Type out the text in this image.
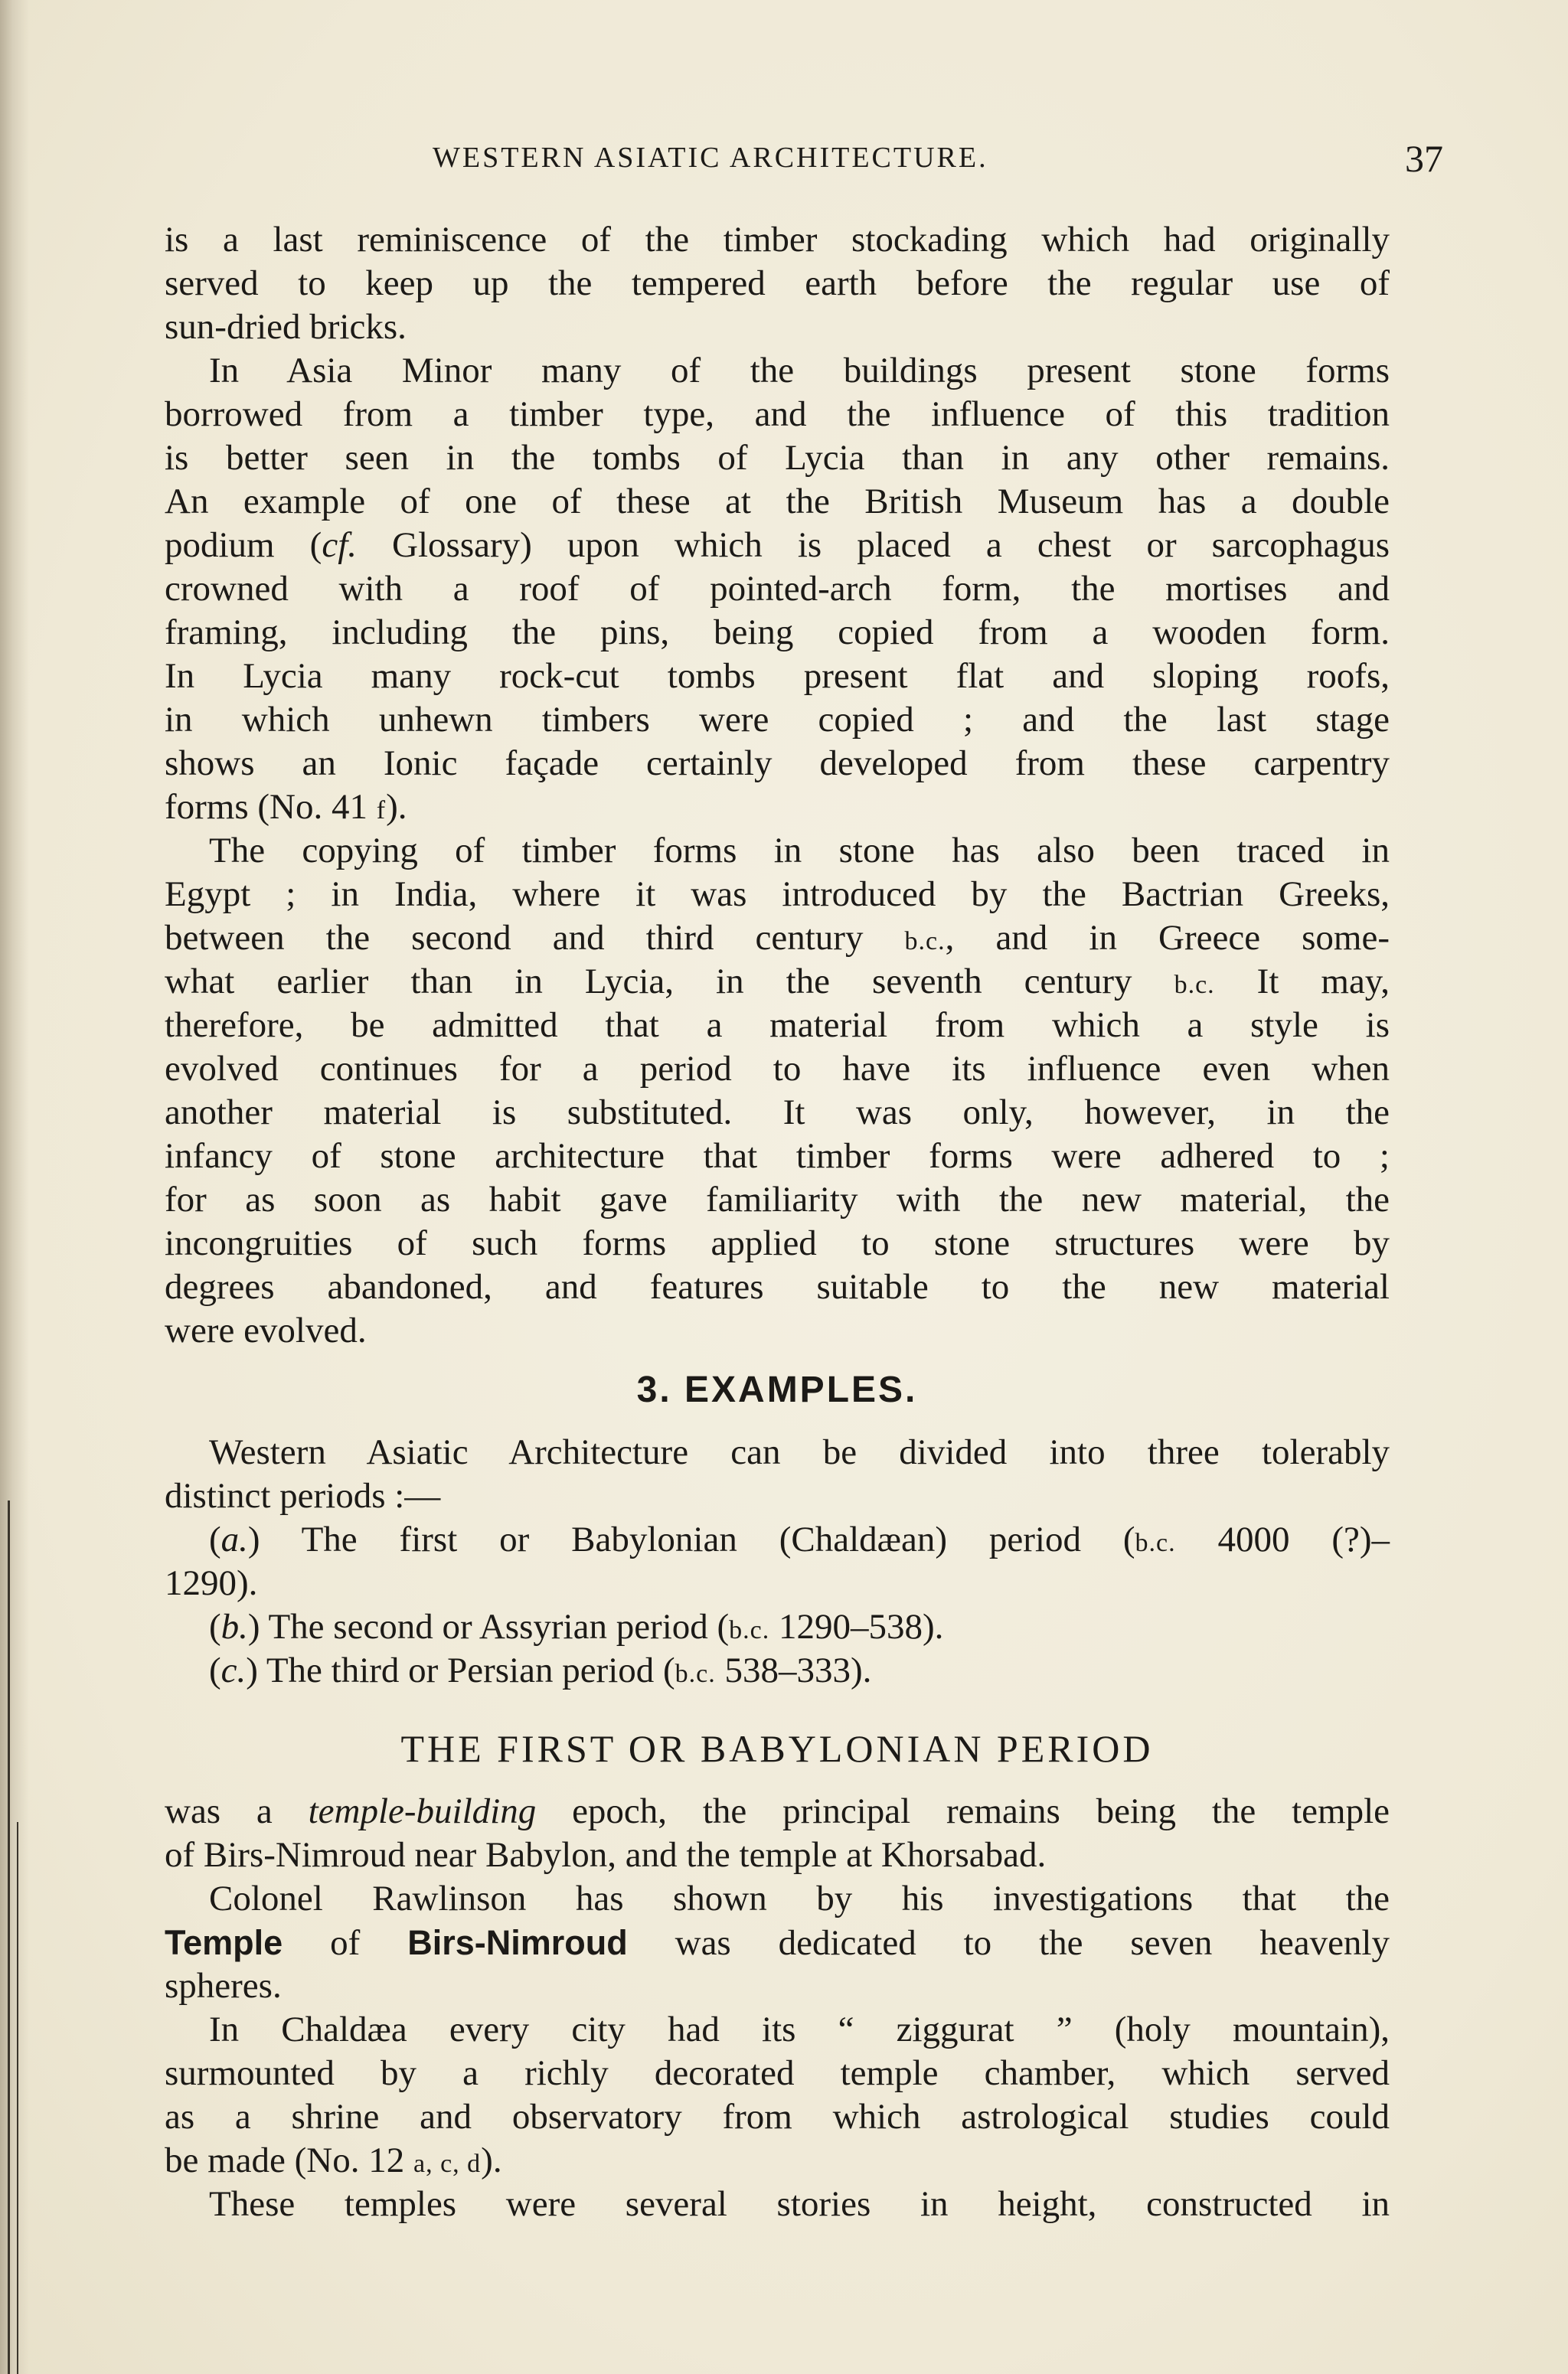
WESTERN ASIATIC ARCHITECTURE.	37
is a last reminiscence of the timber stockading which had originally
served to keep up the tempered earth before the regular use of
sun-dried bricks.
In Asia Minor many of the buildings present stone forms
borrowed from a timber type, and the influence of this tradition
is better seen in the tombs of Lycia than in any other remains.
An example of one of these at the British Museum has a double
podium (cf. Glossary) upon which is placed a chest or sarcophagus
crowned with a roof of pointed-arch form, the mortises and
framing, including the pins, being copied from a wooden form.
In Lycia many rock-cut tombs present flat and sloping roofs,
in which unhewn timbers were copied ; and the last stage
shows an Ionic façade certainly developed from these carpentry
forms (No. 41 f).
The copying of timber forms in stone has also been traced in
Egypt ; in India, where it was introduced by the Bactrian Greeks,
between the second and third century b.c., and in Greece some-
what earlier than in Lycia, in the seventh century b.c. It may,
therefore, be admitted that a material from which a style is
evolved continues for a period to have its influence even when
another material is substituted. It was only, however, in the
infancy of stone architecture that timber forms were adhered to ;
for as soon as habit gave familiarity with the new material, the
incongruities of such forms applied to stone structures were by
degrees abandoned, and features suitable to the new material
were evolved.
3. EXAMPLES.
Western Asiatic Architecture can be divided into three tolerably
distinct periods :—
(a.) The first or Babylonian (Chaldæan) period (b.c. 4000 (?)–
1290).
(b.) The second or Assyrian period (b.c. 1290–538).
(c.) The third or Persian period (b.c. 538–333).
THE FIRST OR BABYLONIAN PERIOD
was a temple-building epoch, the principal remains being the temple
of Birs-Nimroud near Babylon, and the temple at Khorsabad.
Colonel Rawlinson has shown by his investigations that the
Temple of Birs-Nimroud was dedicated to the seven heavenly
spheres.
In Chaldæa every city had its “ ziggurat ” (holy mountain),
surmounted by a richly decorated temple chamber, which served
as a shrine and observatory from which astrological studies could
be made (No. 12 a, c, d).
These temples were several stories in height, constructed in
